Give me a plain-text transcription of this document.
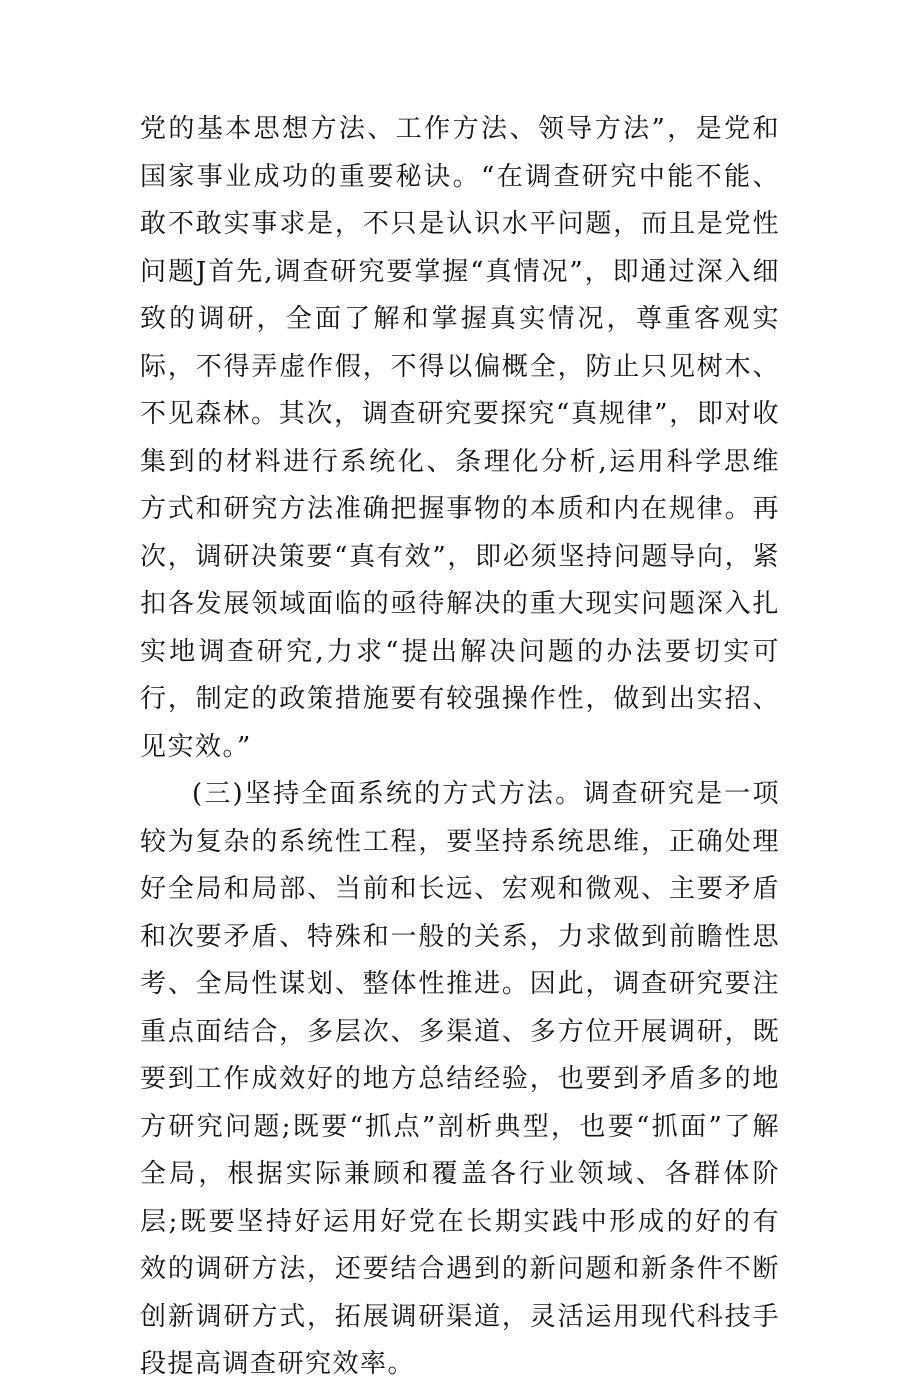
党的基本思想方法、工作方法、领导方法”，是党和国家事业成功的重要秘诀。“在调查研究中能不能、敢不敢实事求是，不只是认识水平问题，而且是党性问题J首先,调查研究要掌握“真情况”，即通过深入细致的调研，全面了解和掌握真实情况，尊重客观实际，不得弄虚作假，不得以偏概全，防止只见树木、不见森林。其次，调查研究要探究“真规律”，即对收集到的材料进行系统化、条理化分析,运用科学思维方式和研究方法准确把握事物的本质和内在规律。再次，调研决策要“真有效”，即必须坚持问题导向，紧扣各发展领域面临的亟待解决的重大现实问题深入扎实地调查研究,力求“提出解决问题的办法要切实可行，制定的政策措施要有较强操作性，做到出实招、见实效。”

(三)坚持全面系统的方式方法。调查研究是一项较为复杂的系统性工程，要坚持系统思维，正确处理好全局和局部、当前和长远、宏观和微观、主要矛盾和次要矛盾、特殊和一般的关系，力求做到前瞻性思考、全局性谋划、整体性推进。因此，调查研究要注重点面结合，多层次、多渠道、多方位开展调研，既要到工作成效好的地方总结经验，也要到矛盾多的地方研究问题;既要“抓点”剖析典型，也要“抓面”了解全局，根据实际兼顾和覆盖各行业领域、各群体阶层;既要坚持好运用好党在长期实践中形成的好的有效的调研方法，还要结合遇到的新问题和新条件不断创新调研方式，拓展调研渠道，灵活运用现代科技手段提高调查研究效率。
